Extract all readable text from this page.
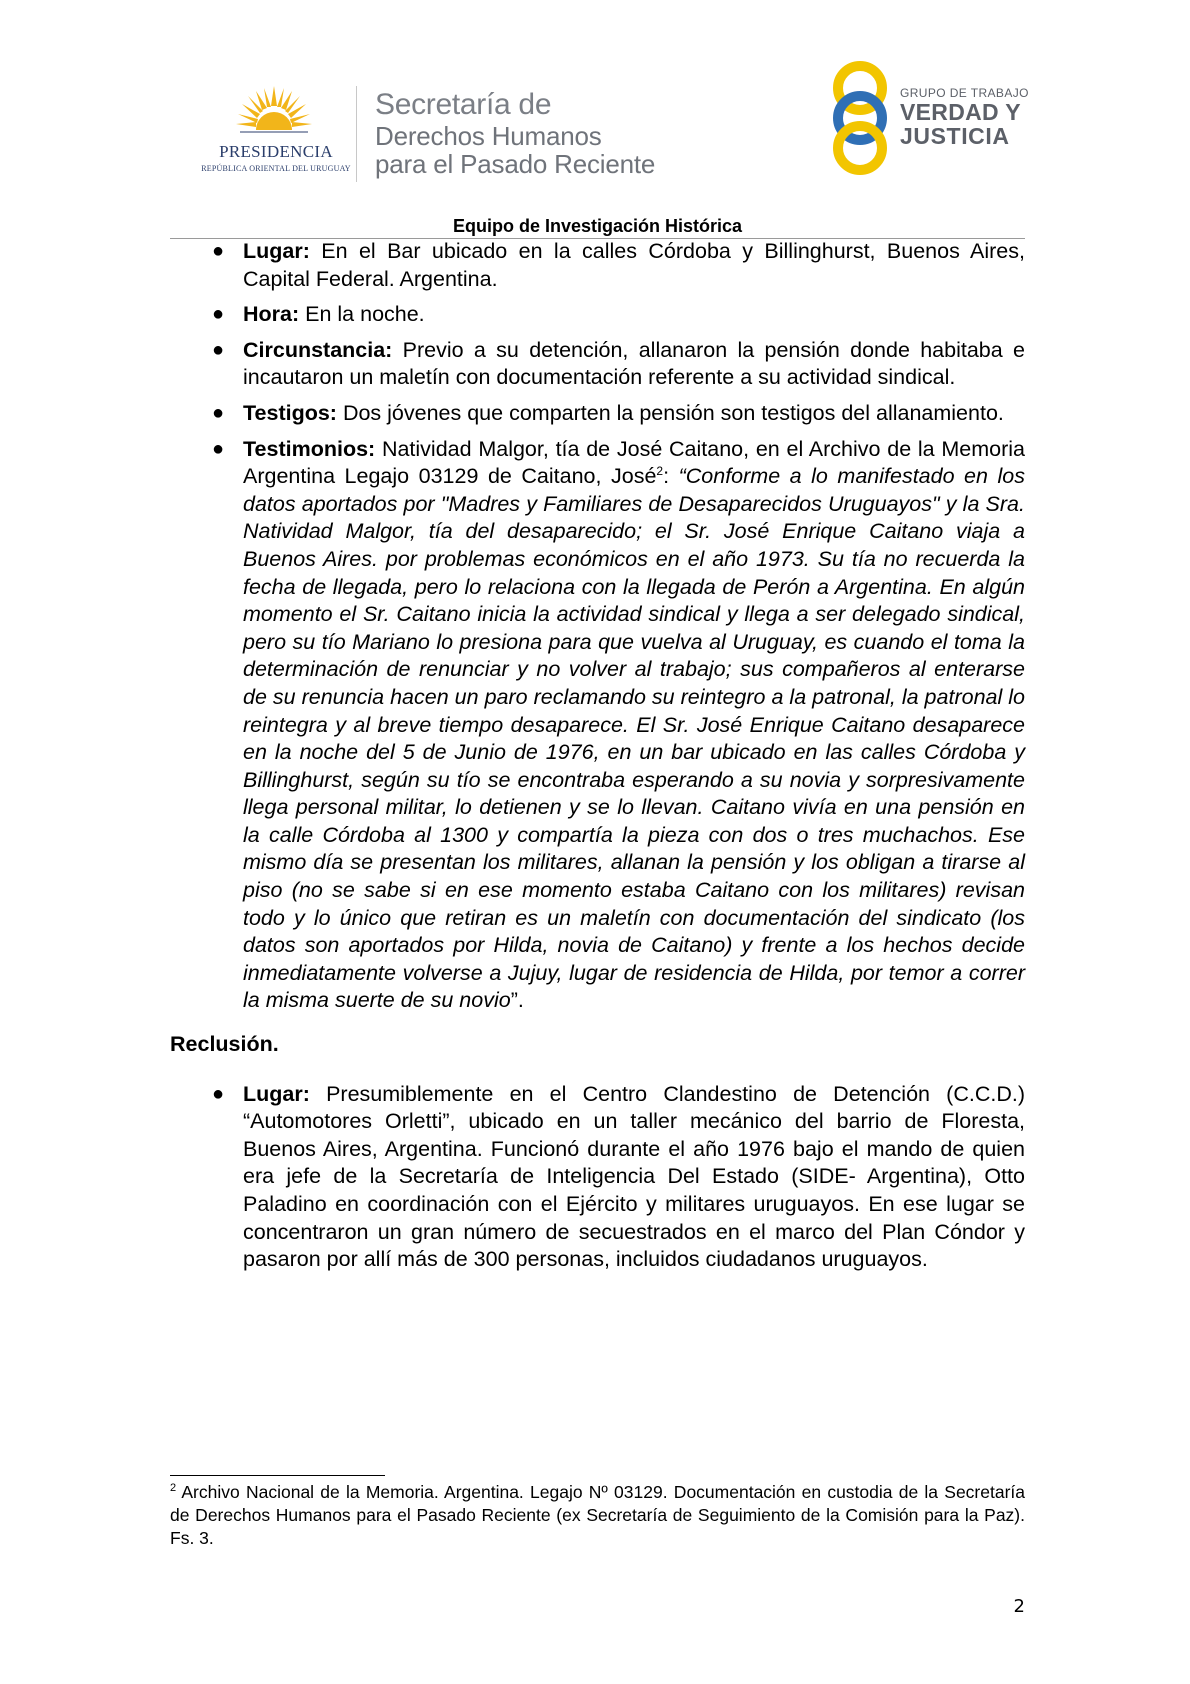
PRESIDENCIA
REPÚBLICA ORIENTAL DEL URUGUAY
Secretaría de
Derechos Humanos
para el Pasado Reciente
GRUPO DE TRABAJO
VERDAD Y
JUSTICIA
Equipo de Investigación Histórica
● Lugar: En el Bar ubicado en la calles Córdoba y Billinghurst, Buenos Aires, Capital Federal. Argentina.
● Hora: En la noche.
● Circunstancia: Previo a su detención, allanaron la pensión donde habitaba e incautaron un maletín con documentación referente a su actividad sindical.
● Testigos: Dos jóvenes que comparten la pensión son testigos del allanamiento.
● Testimonios: Natividad Malgor, tía de José Caitano, en el Archivo de la Memoria Argentina Legajo 03129 de Caitano, José$^2$: “Conforme a lo manifestado en los datos aportados por "Madres y Familiares de Desaparecidos Uruguayos" y la Sra. Natividad Malgor, tía del desaparecido; el Sr. José Enrique Caitano viaja a Buenos Aires. por problemas económicos en el año 1973. Su tía no recuerda la fecha de llegada, pero lo relaciona con la llegada de Perón a Argentina. En algún momento el Sr. Caitano inicia la actividad sindical y llega a ser delegado sindical, pero su tío Mariano lo presiona para que vuelva al Uruguay, es cuando el toma la determinación de renunciar y no volver al trabajo; sus compañeros al enterarse de su renuncia hacen un paro reclamando su reintegro a la patronal, la patronal lo reintegra y al breve tiempo desaparece. El Sr. José Enrique Caitano desaparece en la noche del 5 de Junio de 1976, en un bar ubicado en las calles Córdoba y Billinghurst, según su tío se encontraba esperando a su novia y sorpresivamente llega personal militar, lo detienen y se lo llevan. Caitano vivía en una pensión en la calle Córdoba al 1300 y compartía la pieza con dos o tres muchachos. Ese mismo día se presentan los militares, allanan la pensión y los obligan a tirarse al piso (no se sabe si en ese momento estaba Caitano con los militares) revisan todo y lo único que retiran es un maletín con documentación del sindicato (los datos son aportados por Hilda, novia de Caitano) y frente a los hechos decide inmediatamente volverse a Jujuy, lugar de residencia de Hilda, por temor a correr la misma suerte de su novio”.
Reclusión.
● Lugar: Presumiblemente en el Centro Clandestino de Detención (C.C.D.) “Automotores Orletti”, ubicado en un taller mecánico del barrio de Floresta, Buenos Aires, Argentina. Funcionó durante el año 1976 bajo el mando de quien era jefe de la Secretaría de Inteligencia Del Estado (SIDE- Argentina), Otto Paladino en coordinación con el Ejército y militares uruguayos. En ese lugar se concentraron un gran número de secuestrados en el marco del Plan Cóndor y pasaron por allí más de 300 personas, incluidos ciudadanos uruguayos.
$^2$ Archivo Nacional de la Memoria. Argentina. Legajo Nº 03129. Documentación en custodia de la Secretaría de Derechos Humanos para el Pasado Reciente (ex Secretaría de Seguimiento de la Comisión para la Paz). Fs. 3.
2
